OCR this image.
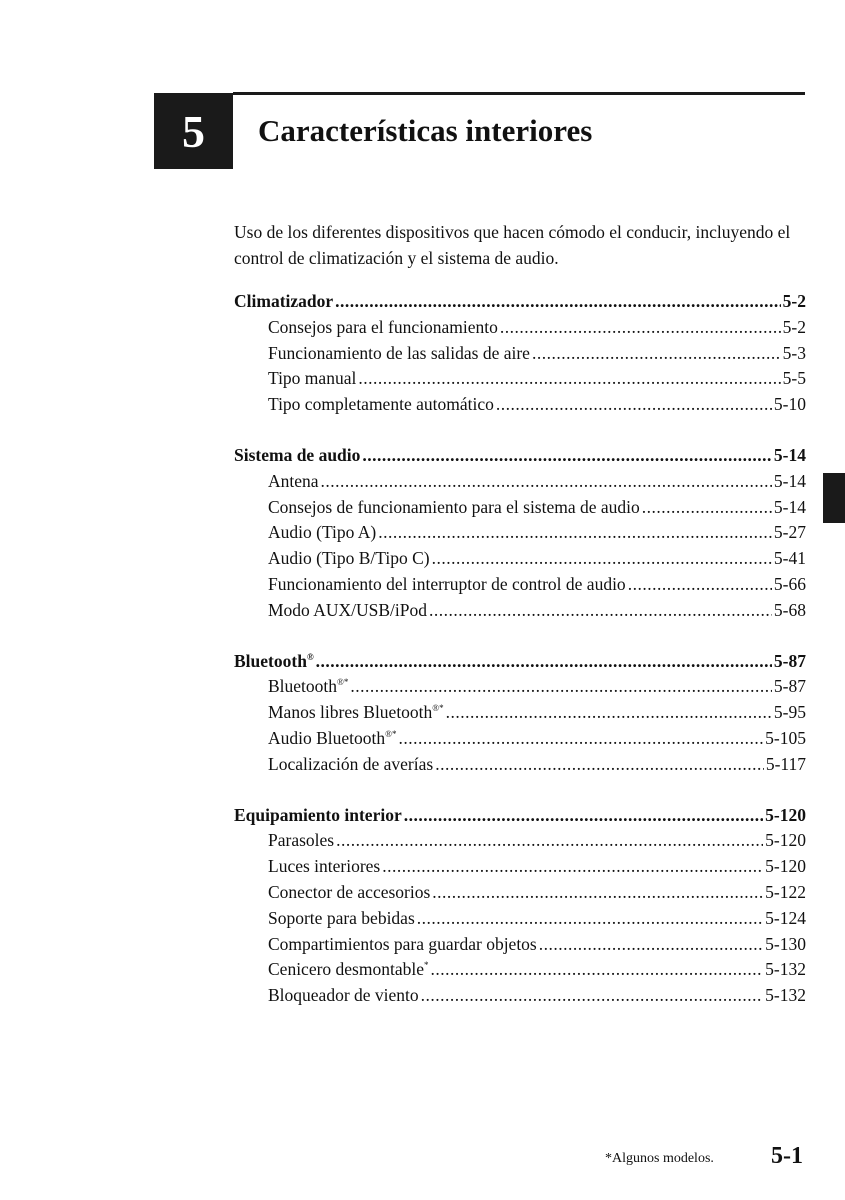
5 Características interiores
Uso de los diferentes dispositivos que hacen cómodo el conducir, incluyendo el control de climatización y el sistema de audio.
Climatizador .....	5-2
Consejos para el funcionamiento .....	5-2
Funcionamiento de las salidas de aire .....	5-3
Tipo manual .....	5-5
Tipo completamente automático .....	5-10
Sistema de audio .....	5-14
Antena .....	5-14
Consejos de funcionamiento para el sistema de audio .....	5-14
Audio (Tipo A) .....	5-27
Audio (Tipo B/Tipo C) .....	5-41
Funcionamiento del interruptor de control de audio .....	5-66
Modo AUX/USB/iPod .....	5-68
Bluetooth® .....	5-87
Bluetooth®* .....	5-87
Manos libres Bluetooth®* .....	5-95
Audio Bluetooth®* .....	5-105
Localización de averías .....	5-117
Equipamiento interior .....	5-120
Parasoles .....	5-120
Luces interiores .....	5-120
Conector de accesorios .....	5-122
Soporte para bebidas .....	5-124
Compartimientos para guardar objetos .....	5-130
Cenicero desmontable* .....	5-132
Bloqueador de viento .....	5-132
*Algunos modelos. 5-1
